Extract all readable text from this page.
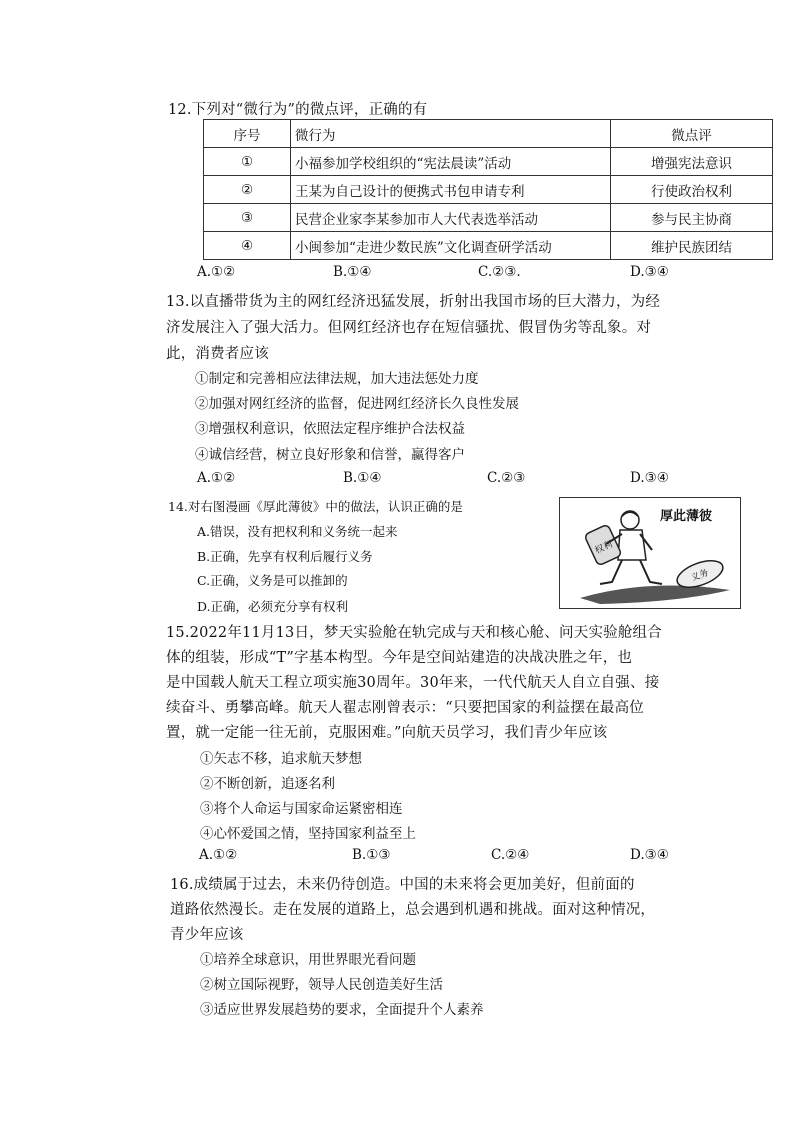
12.下列对“微行为”的微点评，正确的有
序号	微行为	微点评
①	小福参加学校组织的“宪法晨读”活动	增强宪法意识
②	王某为自己设计的便携式书包申请专利	行使政治权利
③	民营企业家李某参加市人大代表选举活动	参与民主协商
④	小闽参加“走进少数民族”文化调查研学活动	维护民族团结
A.①②	B.①④	C.②③.	D.③④
13.以直播带货为主的网红经济迅猛发展，折射出我国市场的巨大潜力，为经
济发展注入了强大活力。但网红经济也存在短信骚扰、假冒伪劣等乱象。对
此，消费者应该
①制定和完善相应法律法规，加大违法惩处力度
②加强对网红经济的监督，促进网红经济长久良性发展
③增强权利意识，依照法定程序维护合法权益
④诚信经营，树立良好形象和信誉，赢得客户
A.①②	B.①④	C.②③	D.③④
14.对右图漫画《厚此薄彼》中的做法，认识正确的是
A.错误，没有把权利和义务统一起来
B.正确，先享有权利后履行义务
C.正确，义务是可以推卸的
D.正确，必须充分享有权利
权利
义务
厚此薄彼
15.2022年11月13日，梦天实验舱在轨完成与天和核心舱、问天实验舱组合
体的组装，形成“T”字基本构型。今年是空间站建造的决战决胜之年，也
是中国载人航天工程立项实施30周年。30年来，一代代航天人自立自强、接
续奋斗、勇攀高峰。航天人翟志刚曾表示：“只要把国家的利益摆在最高位
置，就一定能一往无前，克服困难。”向航天员学习，我们青少年应该
①矢志不移，追求航天梦想
②不断创新，追逐名利
③将个人命运与国家命运紧密相连
④心怀爱国之情，坚持国家利益至上
A.①②	B.①③	C.②④	D.③④
16.成绩属于过去，未来仍待创造。中国的未来将会更加美好，但前面的
道路依然漫长。走在发展的道路上，总会遇到机遇和挑战。面对这种情况，
青少年应该
①培养全球意识，用世界眼光看问题
②树立国际视野，领导人民创造美好生活
③适应世界发展趋势的要求，全面提升个人素养
